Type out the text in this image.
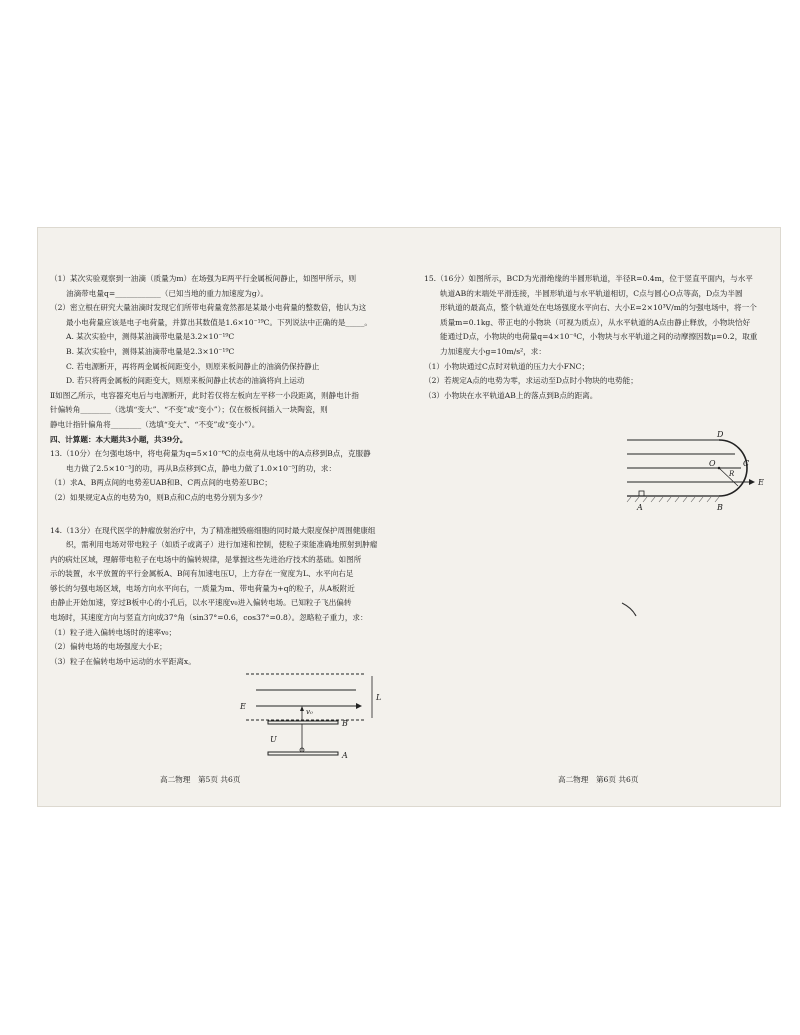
（1）某次实验观察到一油滴（质量为m）在场强为E两平行金属板间静止，如图甲所示，则

油滴带电量q=____________（已知当地的重力加速度为g）。

（2）密立根在研究大量油滴时发现它们所带电荷量竟然都是某最小电荷量的整数倍，他认为这

最小电荷量应该是电子电荷量，并算出其数值是1.6×10⁻¹⁹C。下列说法中正确的是_____。

A. 某次实验中，测得某油滴带电量是3.2×10⁻¹⁹C

B. 某次实验中，测得某油滴带电量是2.3×10⁻¹⁹C

C. 若电源断开，再将两金属板间距变小，则原来板间静止的油滴仍保持静止

D. 若只将两金属板的间距变大，则原来板间静止状态的油滴将向上运动

Ⅱ如图乙所示，电容器充电后与电源断开，此时若仅将左板向左平移一小段距离，则静电计指

针偏转角________（选填“变大”、“不变”或“变小”）；仅在极板间插入一块陶瓷，则

静电计指针偏角将________（选填“变大”、“不变”或“变小”）。

四、计算题：本大题共3小题，共39分。

13.（10分）在匀强电场中，将电荷量为q=5×10⁻⁶C的点电荷从电场中的A点移到B点，克服静

电力做了2.5×10⁻⁵J的功，再从B点移到C点，静电力做了1.0×10⁻⁵J的功，求：

（1）求A、B两点间的电势差UAB和B、C两点间的电势差UBC；

（2）如果规定A点的电势为0，则B点和C点的电势分别为多少？

14.（13分）在现代医学的肿瘤放射治疗中，为了精准摧毁癌细胞的同时最大限度保护周围健康组

织，需利用电场对带电粒子（如质子或离子）进行加速和控制，使粒子束能准确地照射到肿瘤

内的病灶区域，理解带电粒子在电场中的偏转规律，是掌握这些先进治疗技术的基础。如图所

示的装置，水平放置的平行金属板A、B间有加速电压U，上方存在一宽度为L、水平向右足

够长的匀强电场区域，电场方向水平向右，一质量为m、带电荷量为+q的粒子，从A板附近

由静止开始加速，穿过B板中心的小孔后，以水平速度v₀进入偏转电场。已知粒子飞出偏转

电场时，其速度方向与竖直方向成37°角（sin37°=0.6，cos37°=0.8）。忽略粒子重力，求：

（1）粒子进入偏转电场时的速率v₀；

（2）偏转电场的电场强度大小E；

（3）粒子在偏转电场中运动的水平距离x。

E
v₀
L
B
U
A
高二物理　第5页 共6页

15.（16分）如图所示，BCD为光滑绝缘的半圆形轨道，半径R=0.4m，位于竖直平面内，与水平

轨道AB的末端处平滑连接，半圆形轨道与水平轨道相切，C点与圆心O点等高，D点为半圆

形轨道的最高点，整个轨道处在电场强度水平向右、大小E=2×10³V/m的匀强电场中，将一个

质量m=0.1kg、带正电的小物块（可视为质点），从水平轨道的A点由静止释放，小物块恰好

能通过D点，小物块的电荷量q=4×10⁻⁴C，小物块与水平轨道之间的动摩擦因数μ=0.2，取重

力加速度大小g=10m/s²，求：

（1）小物块通过C点时对轨道的压力大小FNC；

（2）若规定A点的电势为零，求运动至D点时小物块的电势能；

（3）小物块在水平轨道AB上的落点到B点的距离。

D
O
R
C
E
A	B
高二物理　第6页 共6页
